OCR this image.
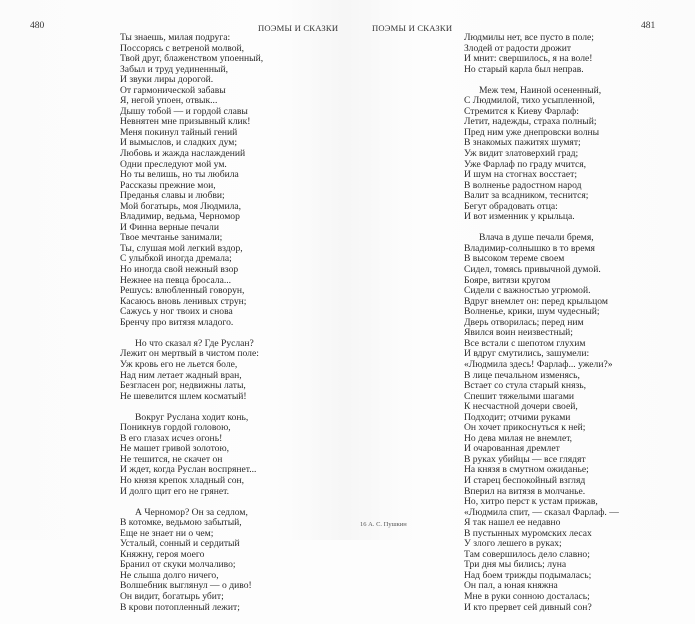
480	ПОЭМЫ И СКАЗКИ
Ты знаешь, милая подруга:
Поссорясь с ветреной молвой,
Твой друг, блаженством упоенный,
Забыл и труд уединенный,
И звуки лиры дорогой.
От гармонической забавы
Я, негой упоен, отвык...
Дышу тобой — и гордой славы
Невнятен мне призывный клик!
Меня покинул тайный гений
И вымыслов, и сладких дум;
Любовь и жажда наслаждений
Одни преследуют мой ум.
Но ты велишь, но ты любила
Рассказы прежние мои,
Преданья славы и любви;
Мой богатырь, моя Людмила,
Владимир, ведьма, Черномор
И Финна верные печали
Твое мечтанье занимали;
Ты, слушая мой легкий вздор,
С улыбкой иногда дремала;
Но иногда свой нежный взор
Нежнее на певца бросала...
Решусь: влюбленный говорун,
Касаюсь вновь ленивых струн;
Сажусь у ног твоих и снова
Бренчу про витязя младого.
Но что сказал я? Где Руслан?
Лежит он мертвый в чистом поле:
Уж кровь его не льется боле,
Над ним летает жадный вран,
Безгласен рог, недвижны латы,
Не шевелится шлем косматый!
Вокруг Руслана ходит конь,
Поникнув гордой головою,
В его глазах исчез огонь!
Не машет гривой золотою,
Не тешится, не скачет он
И ждет, когда Руслан воспрянет...
Но князя крепок хладный сон,
И долго щит его не грянет.
А Черномор? Он за седлом,
В котомке, ведьмою забытый,
Еще не знает ни о чем;
Усталый, сонный и сердитый
Княжну, героя моего
Бранил от скуки молчаливо;
Не слыша долго ничего,
Волшебник выглянул — о диво!
Он видит, богатырь убит;
В крови потопленный лежит;
ПОЭМЫ И СКАЗКИ	481
Людмилы нет, все пусто в поле;
Злодей от радости дрожит
И мнит: свершилось, я на воле!
Но старый карла был неправ.
Меж тем, Наиной осененный,
С Людмилой, тихо усыпленной,
Стремится к Киеву Фарлаф:
Летит, надежды, страха полный;
Пред ним уже днепровски волны
В знакомых пажитях шумят;
Уж видит златоверхий град;
Уже Фарлаф по граду мчится,
И шум на стогнах восстает;
В волненье радостном народ
Валит за всадником, теснится;
Бегут обрадовать отца:
И вот изменник у крыльца.
Влача в душе печали бремя,
Владимир-солнышко в то время
В высоком тереме своем
Сидел, томясь привычной думой.
Бояре, витязи кругом
Сидели с важностью угрюмой.
Вдруг внемлет он: перед крыльцом
Волненье, крики, шум чудесный;
Дверь отворилась; перед ним
Явился воин неизвестный;
Все встали с шепотом глухим
И вдруг смутились, зашумели:
«Людмила здесь! Фарлаф... ужели?»
В лице печальном изменясь,
Встает со стула старый князь,
Спешит тяжелыми шагами
К несчастной дочери своей,
Подходит; отчими руками
Он хочет прикоснуться к ней;
Но дева милая не внемлет,
И очарованная дремлет
В руках убийцы — все глядят
На князя в смутном ожиданье;
И старец беспокойный взгляд
Вперил на витязя в молчанье.
Но, хитро перст к устам прижав,
«Людмила спит, — сказал Фарлаф. —
Я так нашел ее недавно
В пустынных муромских лесах
У злого лешего в руках;
Там совершилось дело славно;
Три дня мы бились; луна
Над боем трижды подымалась;
Он пал, а юная княжна
Мне в руки сонною досталась;
И кто прервет сей дивный сон?
16 А. С. Пушкин
